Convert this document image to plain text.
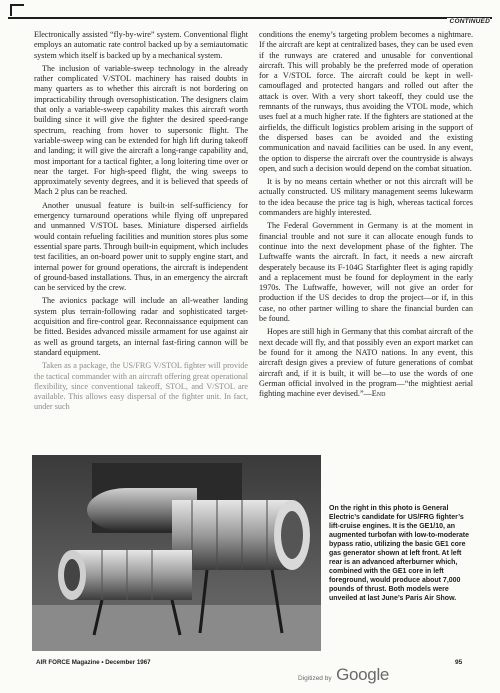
CONTINUED

Electronically assisted “fly-by-wire” system. Conventional flight employs an automatic rate control backed up by a semiautomatic system which itself is backed up by a mechanical system.

The inclusion of variable-sweep technology in the already rather complicated V/STOL machinery has raised doubts in many quarters as to whether this aircraft is not bordering on impracticability through oversophistication. The designers claim that only a variable-sweep capability makes this aircraft worth building since it will give the fighter the desired speed-range spectrum, reaching from hover to supersonic flight. The variable-sweep wing can be extended for high lift during takeoff and landing; it will give the aircraft a long-range capability and, most important for a tactical fighter, a long loitering time over or near the target. For high-speed flight, the wing sweeps to approximately seventy degrees, and it is believed that speeds of Mach 2 plus can be reached.

Another unusual feature is built-in self-sufficiency for emergency turnaround operations while flying off unprepared and unmanned V/STOL bases. Miniature dispersed airfields would contain refueling facilities and munition stores plus some essential spare parts. Through built-in equipment, which includes test facilities, an on-board power unit to supply engine start, and internal power for ground operations, the aircraft is independent of ground-based installations. Thus, in an emergency the aircraft can be serviced by the crew.

The avionics package will include an all-weather landing system plus terrain-following radar and sophisticated target-acquisition and fire-control gear. Reconnaissance equipment can be fitted. Besides advanced missile armament for use against air as well as ground targets, an internal fast-firing cannon will be standard equipment.

Taken as a package, the US/FRG V/STOL fighter will provide the tactical commander with an aircraft offering great operational flexibility, since conventional takeoff, STOL, and V/STOL are available. This allows easy dispersal of the fighter unit. In fact, under such

conditions the enemy’s targeting problem becomes a nightmare. If the aircraft are kept at centralized bases, they can be used even if the runways are cratered and unusable for conventional aircraft. This will probably be the preferred mode of operation for a V/STOL force. The aircraft could be kept in well-camouflaged and protected hangars and rolled out after the attack is over. With a very short takeoff, they could use the remnants of the runways, thus avoiding the VTOL mode, which uses fuel at a much higher rate. If the fighters are stationed at the airfields, the difficult logistics problem arising in the support of the dispersed bases can be avoided and the existing communication and navaid facilities can be used. In any event, the option to disperse the aircraft over the countryside is always open, and such a decision would depend on the combat situation.

It is by no means certain whether or not this aircraft will be actually constructed. US military management seems lukewarm to the idea because the price tag is high, whereas tactical forces commanders are highly interested.

The Federal Government in Germany is at the moment in financial trouble and not sure it can allocate enough funds to continue into the next development phase of the fighter. The Luftwaffe wants the aircraft. In fact, it needs a new aircraft desperately because its F-104G Starfighter fleet is aging rapidly and a replacement must be found for deployment in the early 1970s. The Luftwaffe, however, will not give an order for production if the US decides to drop the project—or if, in this case, no other partner willing to share the financial burden can be found.

Hopes are still high in Germany that this combat aircraft of the next decade will fly, and that possibly even an export market can be found for it among the NATO nations. In any event, this aircraft design gives a preview of future generations of combat aircraft and, if it is built, it will be—to use the words of one German official involved in the program—“the mightiest aerial fighting machine ever devised.”—End

On the right in this photo is General Electric’s candidate for US/FRG fighter’s lift-cruise engines. It is the GE1/10, an augmented turbofan with low-to-moderate bypass ratio, utilizing the basic GE1 core gas generator shown at left front. At left rear is an advanced afterburner which, combined with the GE1 core in left foreground, would produce about 7,000 pounds of thrust. Both models were unveiled at last June’s Paris Air Show.
AIR FORCE Magazine • December 1967	95
Digitized by Google
